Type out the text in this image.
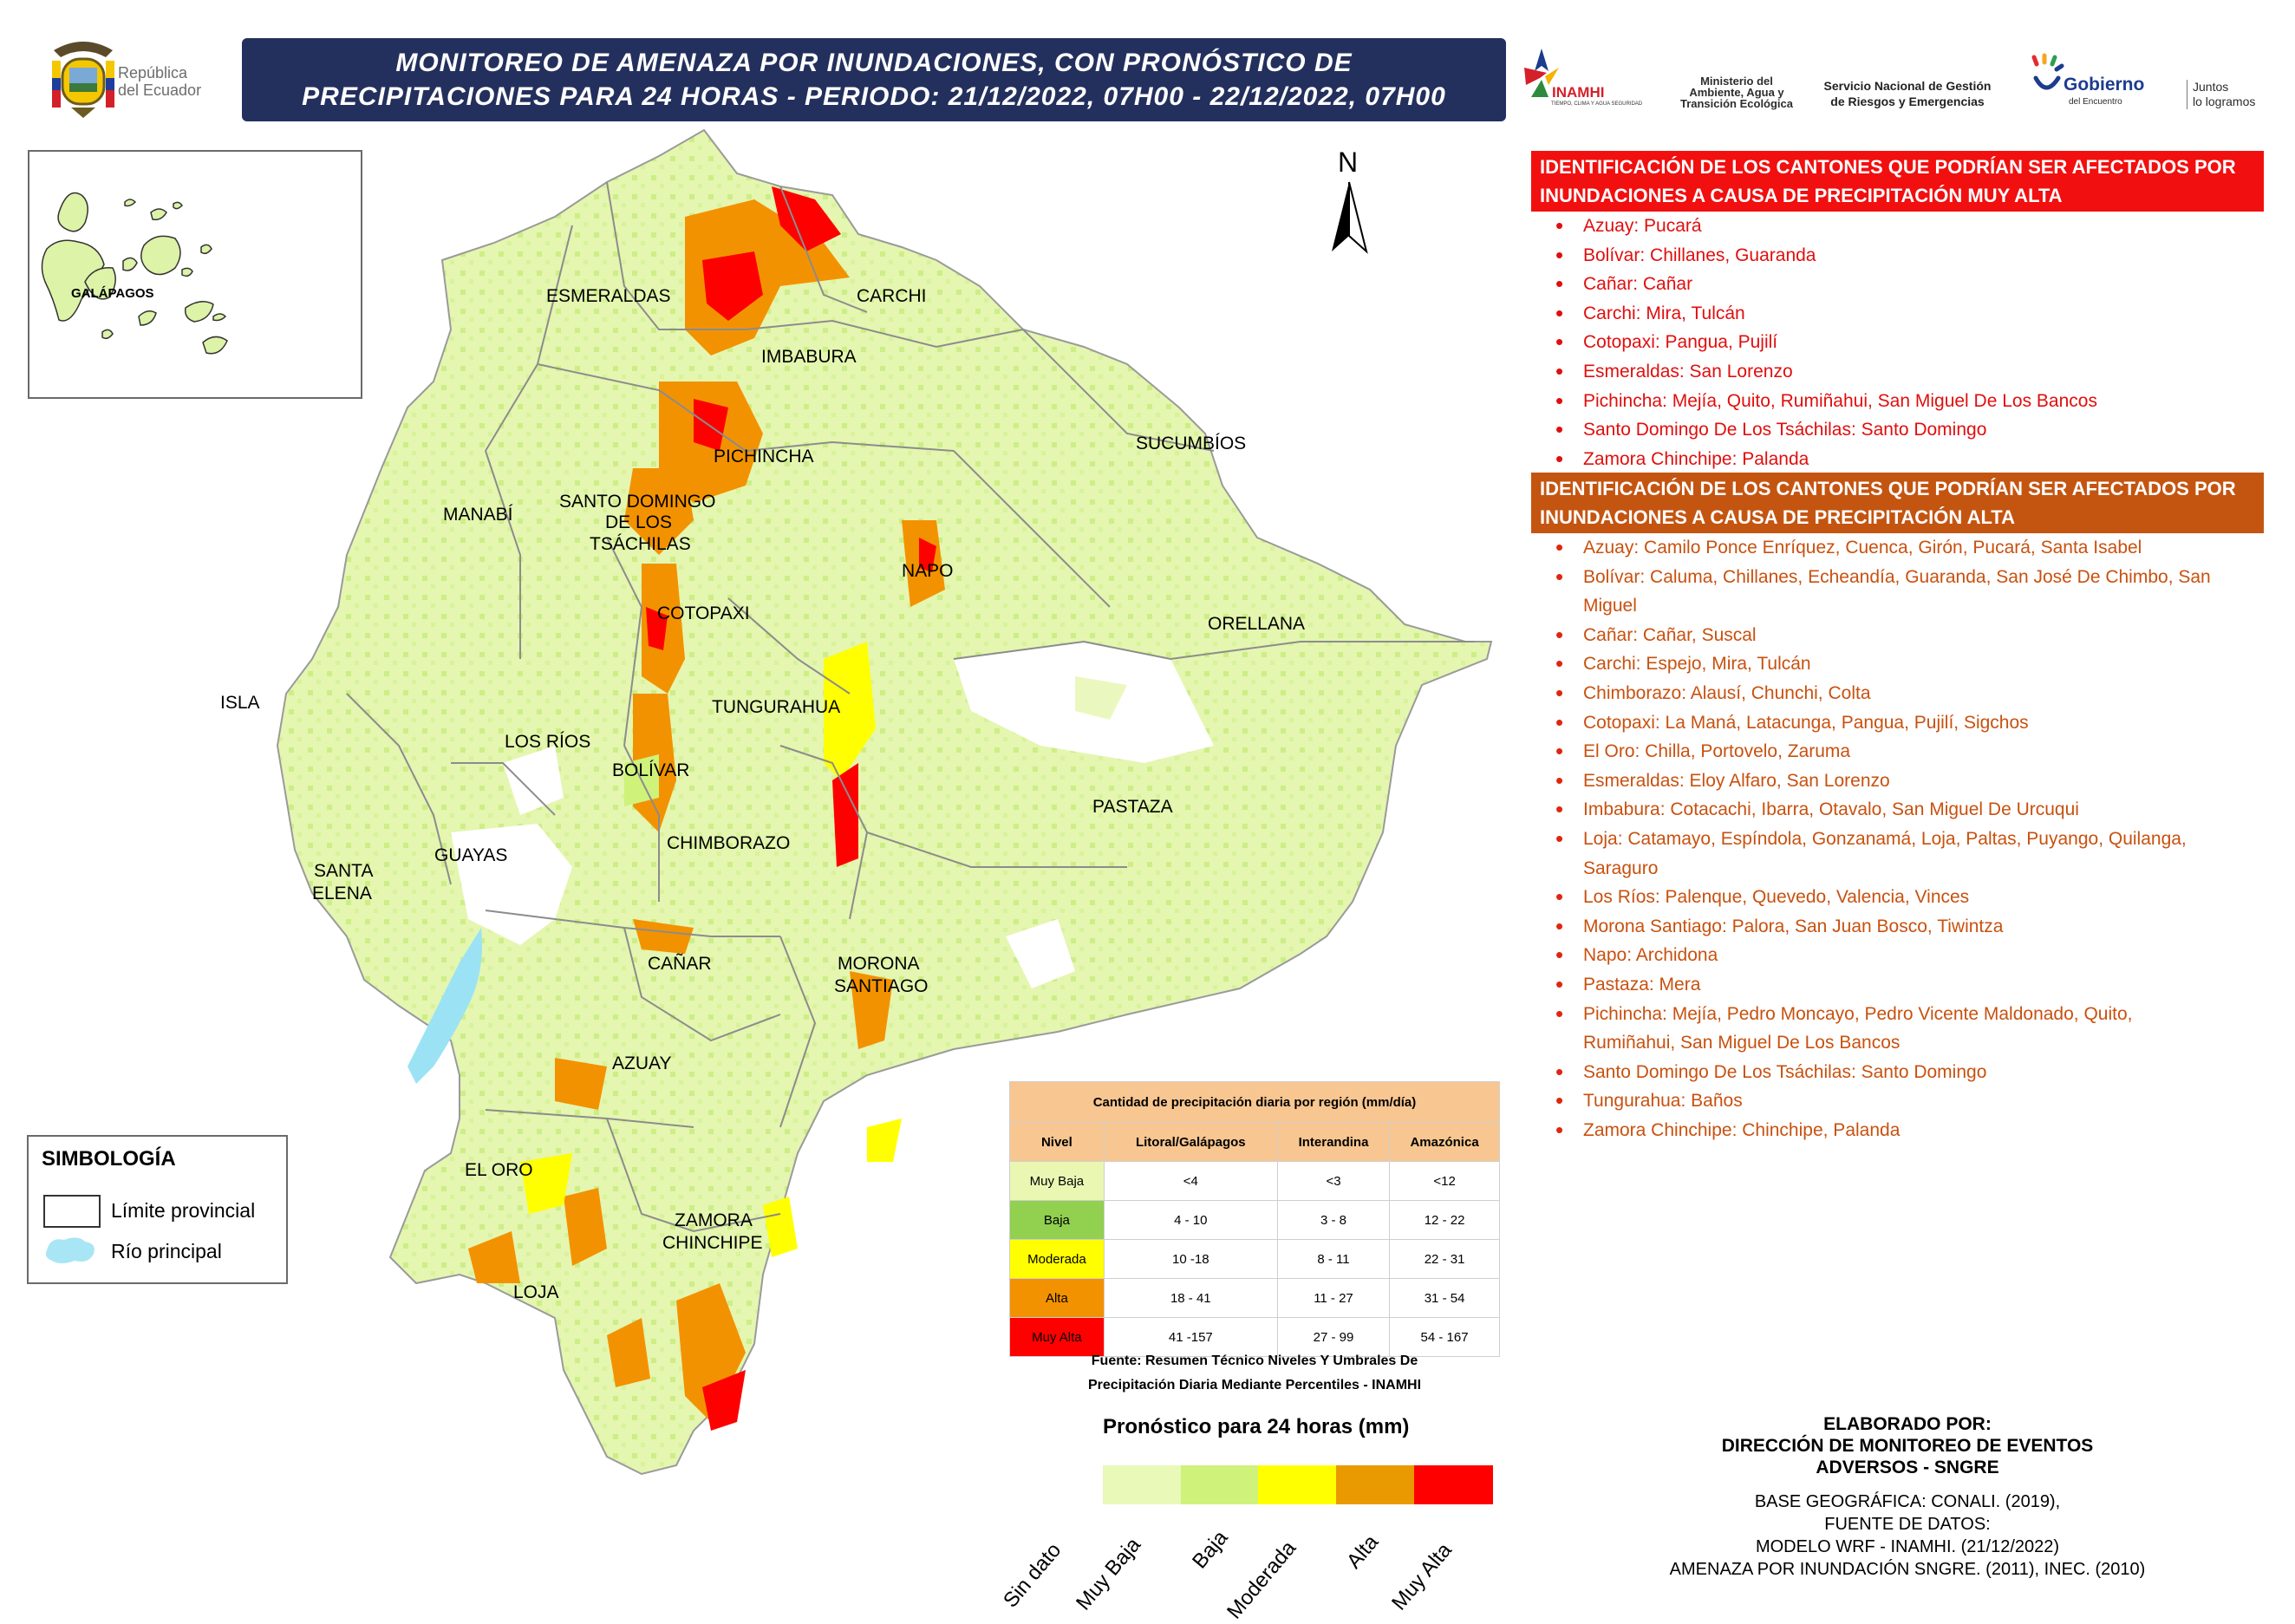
República
del Ecuador
MONITOREO DE AMENAZA POR INUNDACIONES, CON PRONÓSTICO DE
PRECIPITACIONES PARA 24 HORAS - PERIODO: 21/12/2022, 07H00 - 22/12/2022, 07H00	INAMHI
TIEMPO, CLIMA Y AGUA SEGURIDAD
Ministerio del
Ambiente, Agua y
Transición Ecológica
Servicio Nacional de Gestión
de Riesgos y Emergencias
Gobierno
del Encuentro
Juntos
lo logramos
GALÁPAGOS	ESMERALDAS	CARCHI
IMBABURA
SUCUMBÍOS
PICHINCHA
MANABÍ
SANTO DOMINGO
DE LOS
TSÁCHILAS
NAPO
ORELLANA
COTOPAXI
ISLA	TUNGURAHUA
LOS RÍOS
BOLÍVAR
PASTAZA
CHIMBORAZO
SANTA
ELENA
GUAYAS
CAÑAR	MORONA
SANTIAGO
AZUAY
EL ORO
ZAMORA
CHINCHIPE
LOJA
N
SIMBOLOGÍA
Límite provincial
Río principal
Cantidad de precipitación diaria por región (mm/día)			
Nivel	Litoral/Galápagos	Interandina	Amazónica
Muy Baja	<4	<3	<12
Baja	4 - 10	3 - 8	12 - 22
Moderada	10 -18	8 - 11	22 - 31
Alta	18 - 41	11 - 27	31 - 54
Muy Alta	41 -157	27 - 99	54 - 167
Fuente: Resumen Técnico Niveles Y Umbrales De
Precipitación Diaria Mediante Percentiles - INAMHI
Pronóstico para 24 horas (mm)
Sin dato Muy Baja Baja
Moderada Alta Muy Alta
ELABORADO POR:
DIRECCIÓN DE MONITOREO DE EVENTOS
ADVERSOS - SNGRE
BASE GEOGRÁFICA: CONALI. (2019),
FUENTE DE DATOS:
MODELO WRF - INAMHI. (21/12/2022)
AMENAZA POR INUNDACIÓN SNGRE. (2011), INEC. (2010)
IDENTIFICACIÓN DE LOS CANTONES QUE PODRÍAN SER AFECTADOS POR
INUNDACIONES A CAUSA DE PRECIPITACIÓN MUY ALTA
• Azuay: Pucará
• Bolívar: Chillanes, Guaranda
• Cañar: Cañar
• Carchi: Mira, Tulcán
• Cotopaxi: Pangua, Pujilí
• Esmeraldas: San Lorenzo
• Pichincha: Mejía, Quito, Rumiñahui, San Miguel De Los Bancos
• Santo Domingo De Los Tsáchilas: Santo Domingo
• Zamora Chinchipe: Palanda
IDENTIFICACIÓN DE LOS CANTONES QUE PODRÍAN SER AFECTADOS POR
INUNDACIONES A CAUSA DE PRECIPITACIÓN ALTA
• Azuay: Camilo Ponce Enríquez, Cuenca, Girón, Pucará, Santa Isabel
• Bolívar: Caluma, Chillanes, Echeandía, Guaranda, San José De Chimbo, San
Miguel
• Cañar: Cañar, Suscal
• Carchi: Espejo, Mira, Tulcán
• Chimborazo: Alausí, Chunchi, Colta
• Cotopaxi: La Maná, Latacunga, Pangua, Pujilí, Sigchos
• El Oro: Chilla, Portovelo, Zaruma
• Esmeraldas: Eloy Alfaro, San Lorenzo
• Imbabura: Cotacachi, Ibarra, Otavalo, San Miguel De Urcuqui
• Loja: Catamayo, Espíndola, Gonzanamá, Loja, Paltas, Puyango, Quilanga,
Saraguro
• Los Ríos: Palenque, Quevedo, Valencia, Vinces
• Morona Santiago: Palora, San Juan Bosco, Tiwintza
• Napo: Archidona
• Pastaza: Mera
• Pichincha: Mejía, Pedro Moncayo, Pedro Vicente Maldonado, Quito,
Rumiñahui, San Miguel De Los Bancos
• Santo Domingo De Los Tsáchilas: Santo Domingo
• Tungurahua: Baños
• Zamora Chinchipe: Chinchipe, Palanda
